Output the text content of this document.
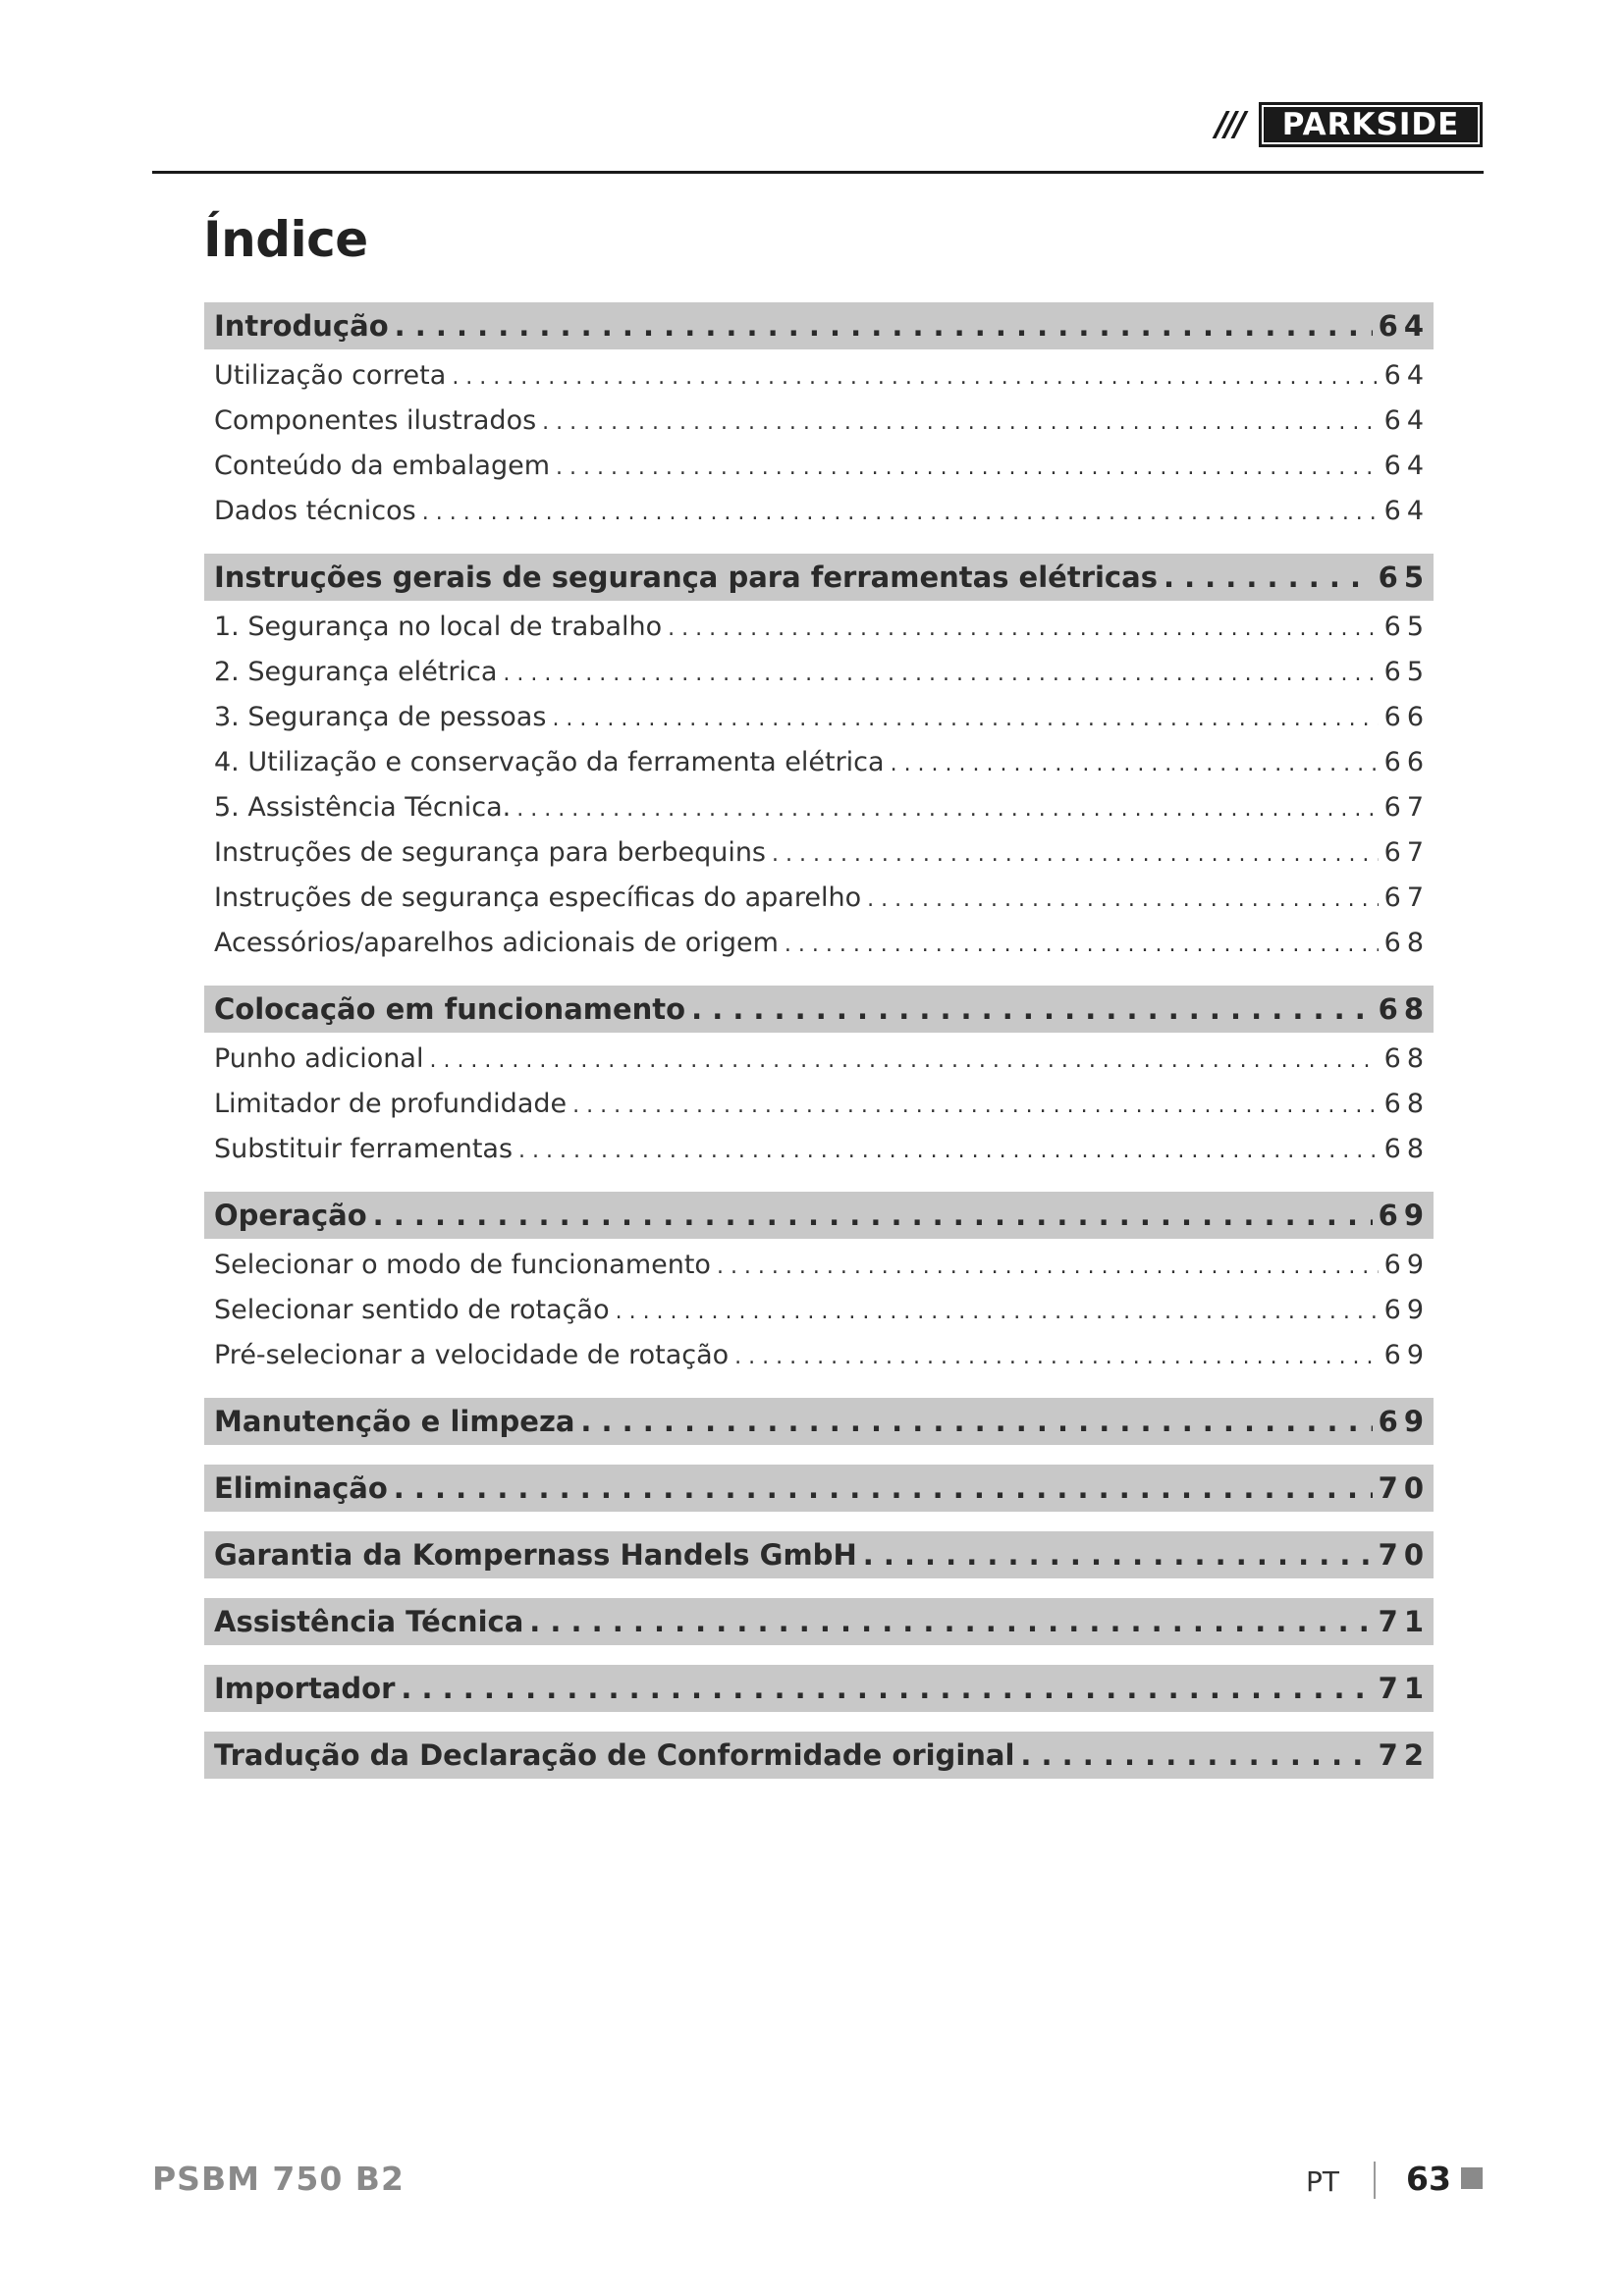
///	PARKSIDE
Índice
Introdução . . .	64
Utilização correta . . .	64
Componentes ilustrados . . .	64
Conteúdo da embalagem . . .	64
Dados técnicos . . .	64
Instruções gerais de segurança para ferramentas elétricas . . .	65
1. Segurança no local de trabalho . . .	65
2. Segurança elétrica . . .	65
3. Segurança de pessoas . . .	66
4. Utilização e conservação da ferramenta elétrica . . .	66
5. Assistência Técnica. . . .	67
Instruções de segurança para berbequins . . .	67
Instruções de segurança específicas do aparelho . . .	67
Acessórios/aparelhos adicionais de origem . . .	68
Colocação em funcionamento . . .	68
Punho adicional . . .	68
Limitador de profundidade . . .	68
Substituir ferramentas . . .	68
Operação . . .	69
Selecionar o modo de funcionamento . . .	69
Selecionar sentido de rotação . . .	69
Pré-selecionar a velocidade de rotação . . .	69
Manutenção e limpeza . . .	69
Eliminação . . .	70
Garantia da Kompernass Handels GmbH . . .	70
Assistência Técnica . . .	71
Importador . . .	71
Tradução da Declaração de Conformidade original . . .	72
PSBM 750 B2	PT 63
